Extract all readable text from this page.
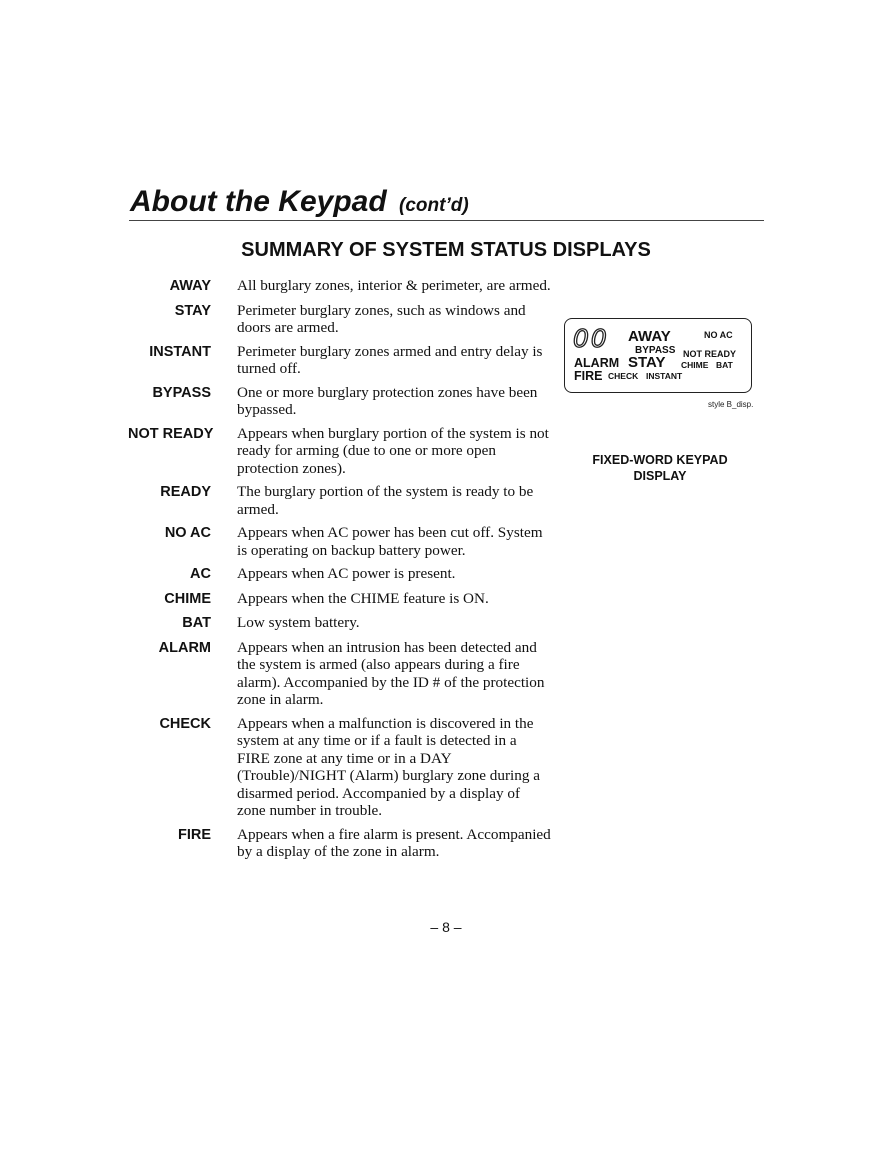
About the Keypad (cont’d)
SUMMARY OF SYSTEM STATUS DISPLAYS
AWAY All burglary zones, interior & perimeter, are armed.
STAY Perimeter burglary zones, such as windows and doors are armed.
INSTANT Perimeter burglary zones armed and entry delay is turned off.
BYPASS One or more burglary protection zones have been bypassed.
NOT READY Appears when burglary portion of the system is not ready for arming (due to one or more open protection zones).
READY The burglary portion of the system is ready to be armed.
NO AC Appears when AC power has been cut off. System is operating on backup battery power.
AC Appears when AC power is present.
CHIME Appears when the CHIME feature is ON.
BAT Low system battery.
ALARM Appears when an intrusion has been detected and the system is armed (also appears during a fire alarm). Accompanied by the ID # of the protection zone in alarm.
CHECK Appears when a malfunction is discovered in the system at any time or if a fault is detected in a FIRE zone at any time or in a DAY (Trouble)/NIGHT (Alarm) burglary zone during a disarmed period. Accompanied by a display of zone number in trouble.
FIRE Appears when a fire alarm is present. Accompanied by a display of the zone in alarm.
00 AWAY	NO AC
BYPASS NOT READY
ALARM STAY CHIME BAT
FIRE CHECK INSTANT
style B_disp.
FIXED-WORD KEYPAD DISPLAY
– 8 –
